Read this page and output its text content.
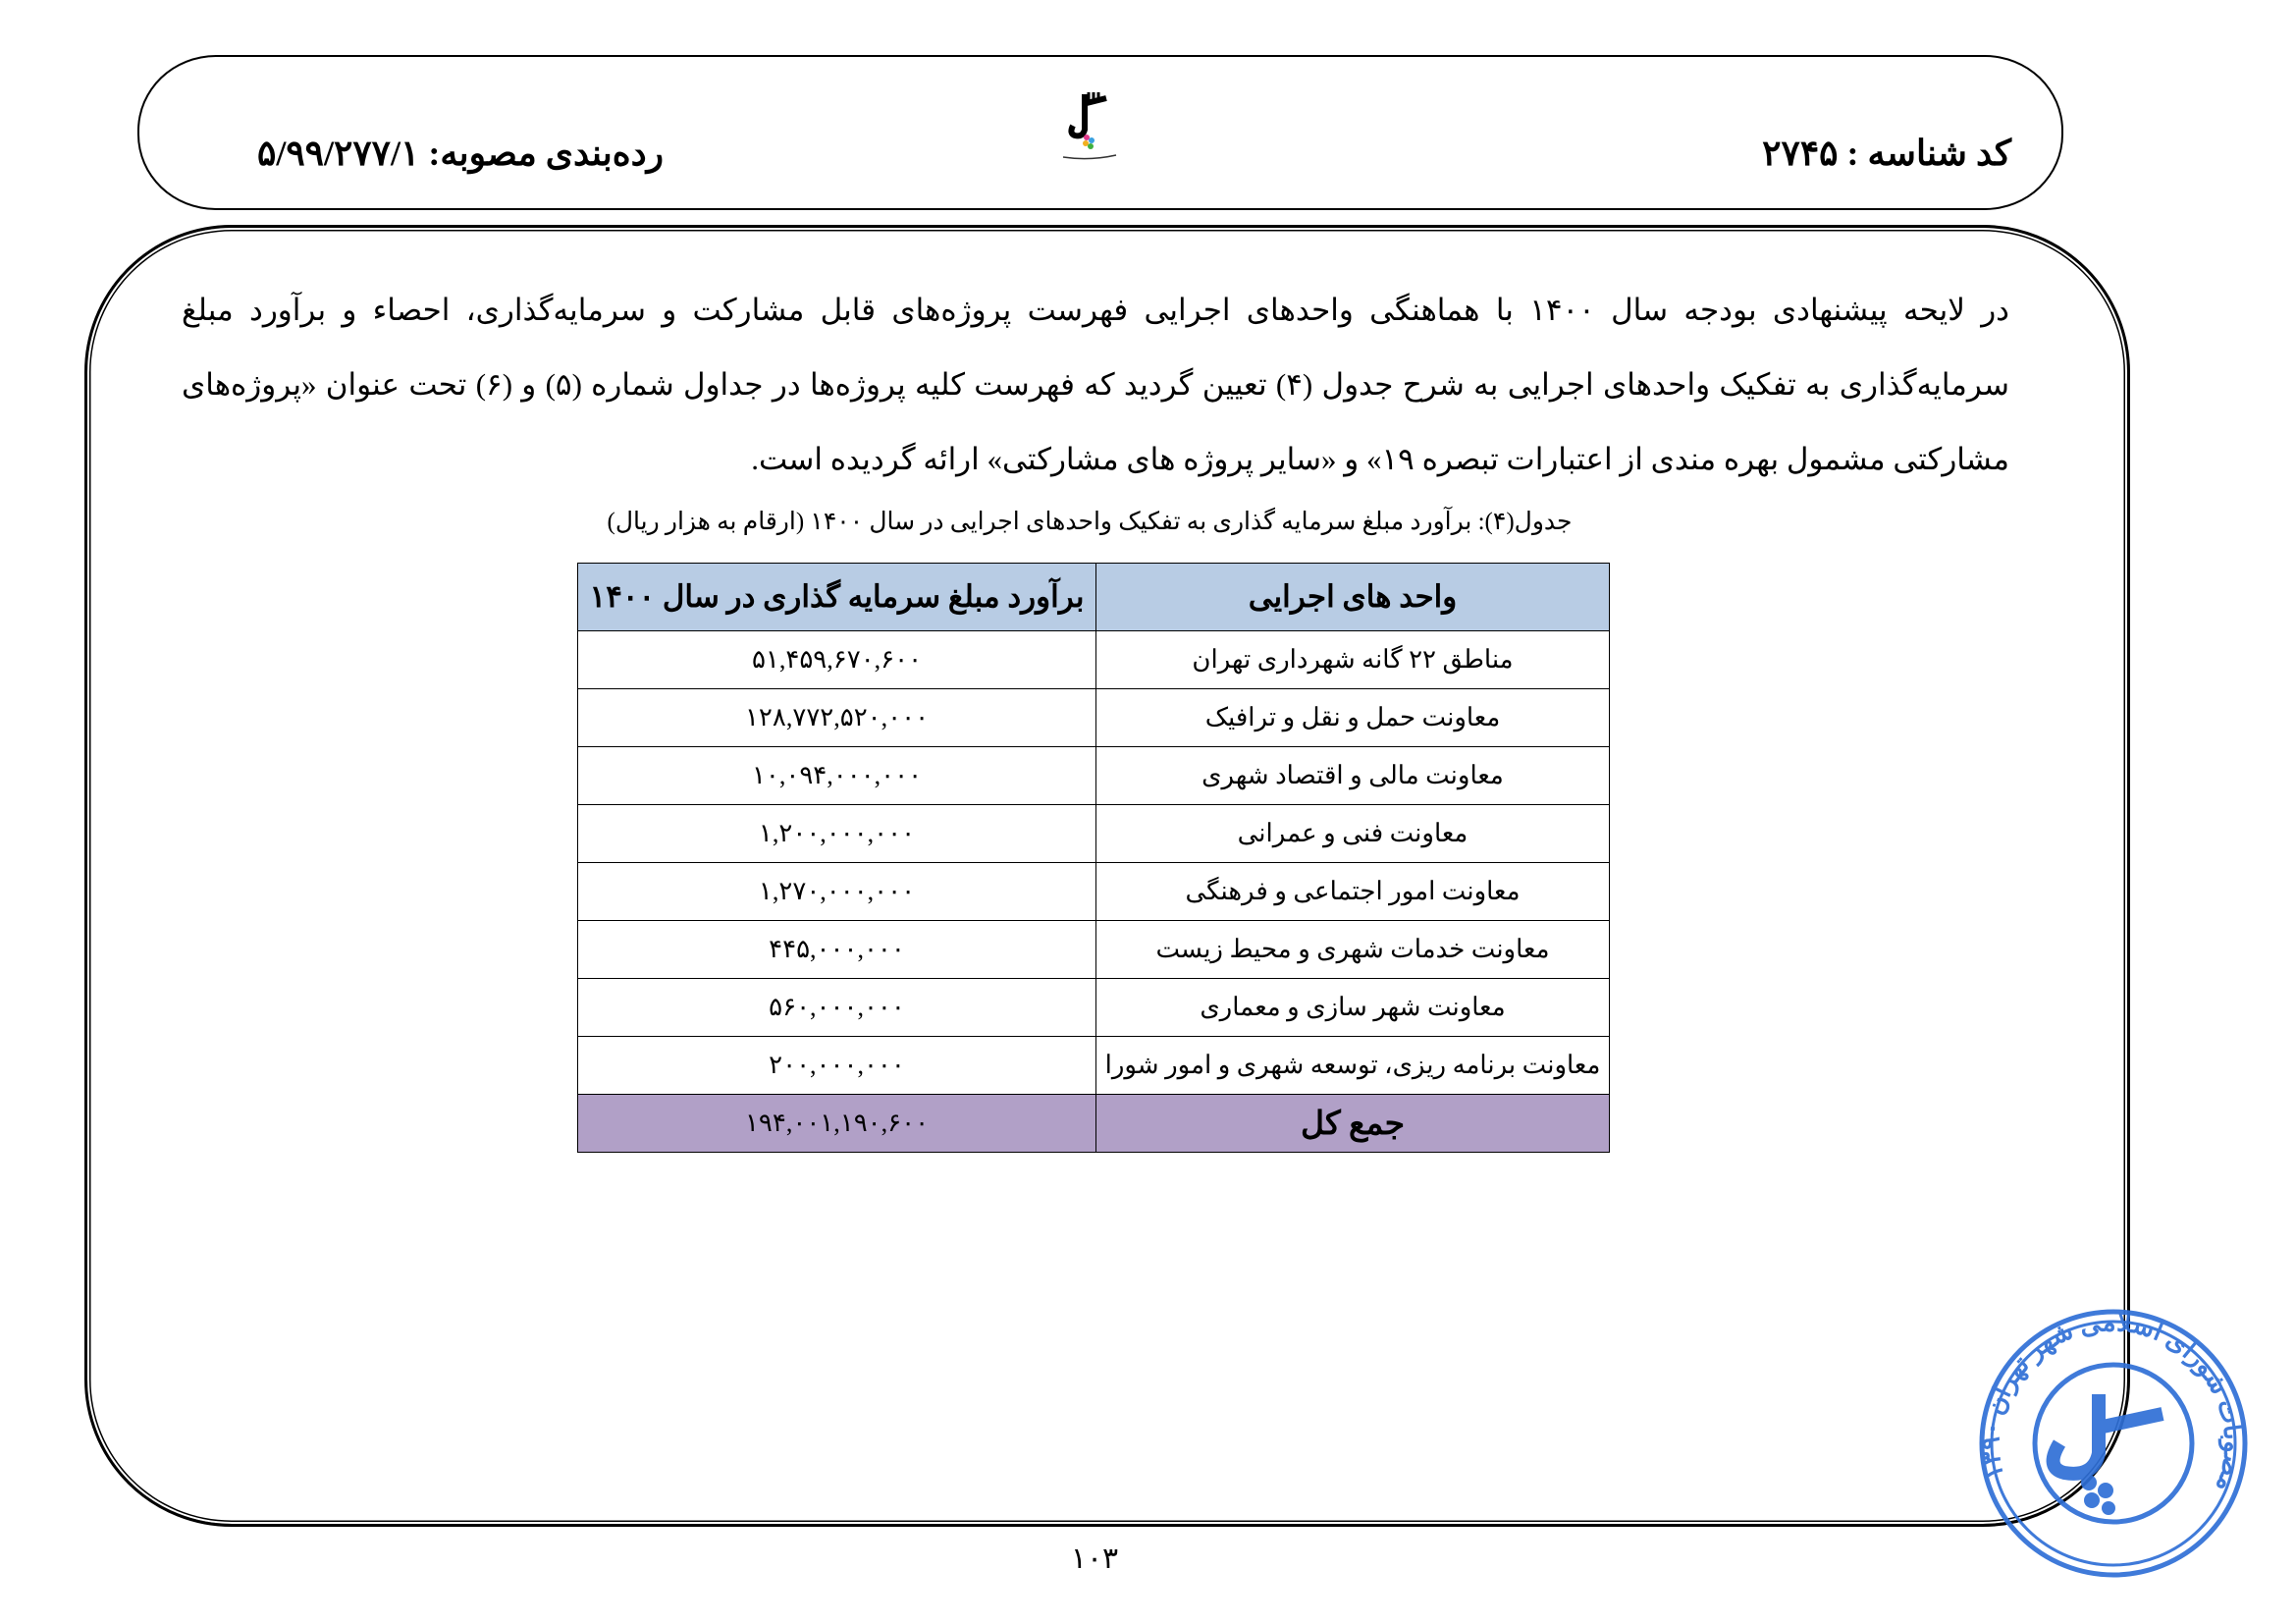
کد شناسه : ۲۷۴۵
رده‌بندی مصوبه: ۵/۹۹/۲۷۷/۱

در لایحه پیشنهادی بودجه سال ۱۴۰۰ با هماهنگی واحدهای اجرایی فهرست پروژه‌های قابل مشارکت و سرمایه‌گذاری، احصاء و برآورد مبلغ سرمایه‌گذاری به تفکیک واحدهای اجرایی به شرح جدول (۴) تعیین گردید که فهرست کلیه پروژه‌ها در جداول شماره (۵) و (۶) تحت عنوان «پروژه‌های مشارکتی مشمول بهره مندی از اعتبارات تبصره ۱۹» و «سایر پروژه های مشارکتی» ارائه گردیده است.

جدول(۴): برآورد مبلغ سرمایه گذاری به تفکیک واحدهای اجرایی در سال ۱۴۰۰ (ارقام به هزار ریال)
واحد های اجرایی	برآورد مبلغ سرمایه گذاری در سال ۱۴۰۰
مناطق ۲۲ گانه شهرداری تهران	۵۱,۴۵۹,۶۷۰,۶۰۰
معاونت حمل و نقل و ترافیک	۱۲۸,۷۷۲,۵۲۰,۰۰۰
معاونت مالی و اقتصاد شهری	۱۰,۰۹۴,۰۰۰,۰۰۰
معاونت فنی و عمرانی	۱,۲۰۰,۰۰۰,۰۰۰
معاونت امور اجتماعی و فرهنگی	۱,۲۷۰,۰۰۰,۰۰۰
معاونت خدمات شهری و محیط زیست	۴۴۵,۰۰۰,۰۰۰
معاونت شهر سازی و معماری	۵۶۰,۰۰۰,۰۰۰
معاونت برنامه ریزی، توسعه شهری و امور شورا	۲۰۰,۰۰۰,۰۰۰
جمع کل	۱۹۴,۰۰۱,۱۹۰,۶۰۰
۱۰۳
مصوبات شورای اسلامی شهر تهران ۱۳۹۰
